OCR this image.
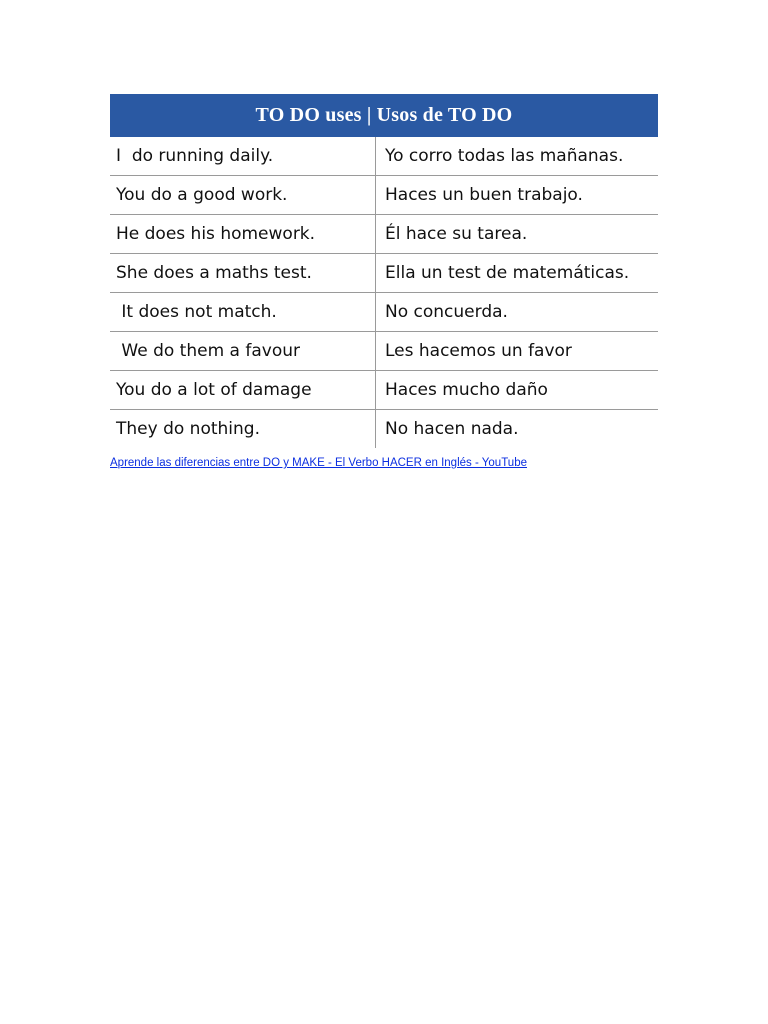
TO DO uses | Usos de TO DO
I  do running daily.	Yo corro todas las mañanas.
You do a good work.	Haces un buen trabajo.
He does his homework.	Él hace su tarea.
She does a maths test.	Ella un test de matemáticas.
It does not match.	No concuerda.
We do them a favour	Les hacemos un favor
You do a lot of damage	Haces mucho daño
They do nothing.	No hacen nada.
Aprende las diferencias entre DO y MAKE - El Verbo HACER en Inglés - YouTube
